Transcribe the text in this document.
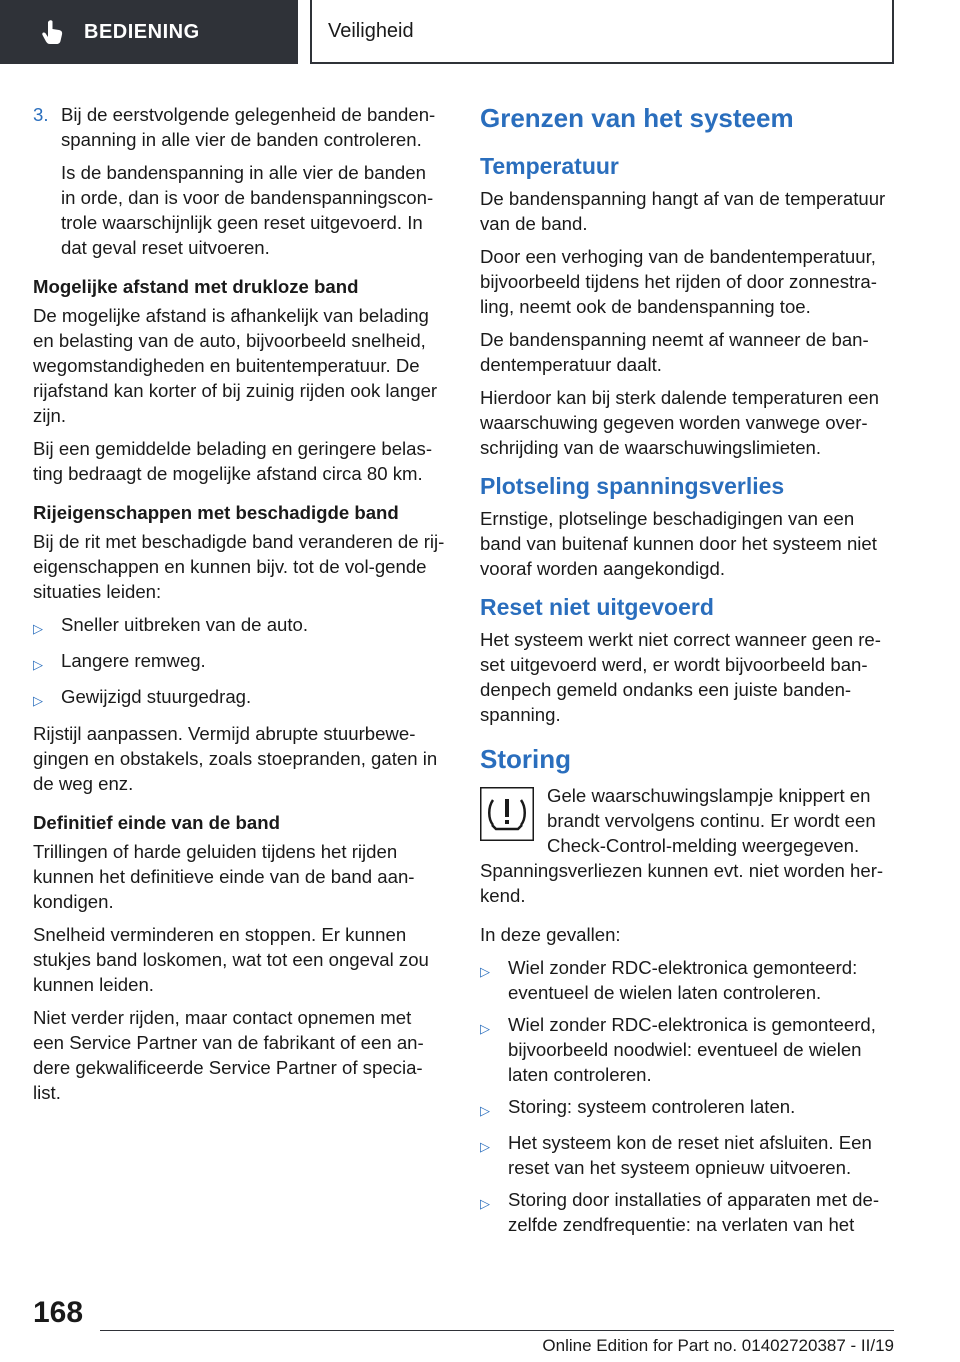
BEDIENING	Veiligheid
3. Bij de eerstvolgende gelegenheid de banden-spanning in alle vier de banden controleren.

Is de bandenspanning in alle vier de banden in orde, dan is voor de bandenspanningscon-trole waarschijnlijk geen reset uitgevoerd. In dat geval reset uitvoeren.

Mogelijke afstand met drukloze band

De mogelijke afstand is afhankelijk van belading en belasting van de auto, bijvoorbeeld snelheid, wegomstandigheden en buitentemperatuur. De rijafstand kan korter of bij zuinig rijden ook langer zijn.

Bij een gemiddelde belading en geringere belas-ting bedraagt de mogelijke afstand circa 80 km.

Rijeigenschappen met beschadigde band

Bij de rit met beschadigde band veranderen de rij-eigenschappen en kunnen bijv. tot de vol-gende situaties leiden:

▷ Sneller uitbreken van de auto.
▷ Langere remweg.
▷ Gewijzigd stuurgedrag.

Rijstijl aanpassen. Vermijd abrupte stuurbewe-gingen en obstakels, zoals stoepranden, gaten in de weg enz.

Definitief einde van de band

Trillingen of harde geluiden tijdens het rijden kunnen het definitieve einde van de band aan-kondigen.

Snelheid verminderen en stoppen. Er kunnen stukjes band loskomen, wat tot een ongeval zou kunnen leiden.

Niet verder rijden, maar contact opnemen met een Service Partner van de fabrikant of een an-dere gekwalificeerde Service Partner of specia-list.

Grenzen van het systeem
Temperatuur

De bandenspanning hangt af van de temperatuur van de band.

Door een verhoging van de bandentemperatuur, bijvoorbeeld tijdens het rijden of door zonnestra-ling, neemt ook de bandenspanning toe.

De bandenspanning neemt af wanneer de ban-dentemperatuur daalt.

Hierdoor kan bij sterk dalende temperaturen een waarschuwing gegeven worden vanwege over-schrijding van de waarschuwingslimieten.

Plotseling spanningsverlies

Ernstige, plotselinge beschadigingen van een band van buitenaf kunnen door het systeem niet vooraf worden aangekondigd.

Reset niet uitgevoerd

Het systeem werkt niet correct wanneer geen re-set uitgevoerd werd, er wordt bijvoorbeeld ban-denpech gemeld ondanks een juiste banden-spanning.

Storing

Gele waarschuwingslampje knippert en brandt vervolgens continu. Er wordt een Check-Control-melding weergegeven.

Spanningsverliezen kunnen evt. niet worden her-kend.

In deze gevallen:

▷ Wiel zonder RDC-elektronica gemonteerd: eventueel de wielen laten controleren.
▷ Wiel zonder RDC-elektronica is gemonteerd, bijvoorbeeld noodwiel: eventueel de wielen laten controleren.
▷ Storing: systeem controleren laten.
▷ Het systeem kon de reset niet afsluiten. Een reset van het systeem opnieuw uitvoeren.
▷ Storing door installaties of apparaten met de-zelfde zendfrequentie: na verlaten van het
168
Online Edition for Part no. 01402720387 - II/19
